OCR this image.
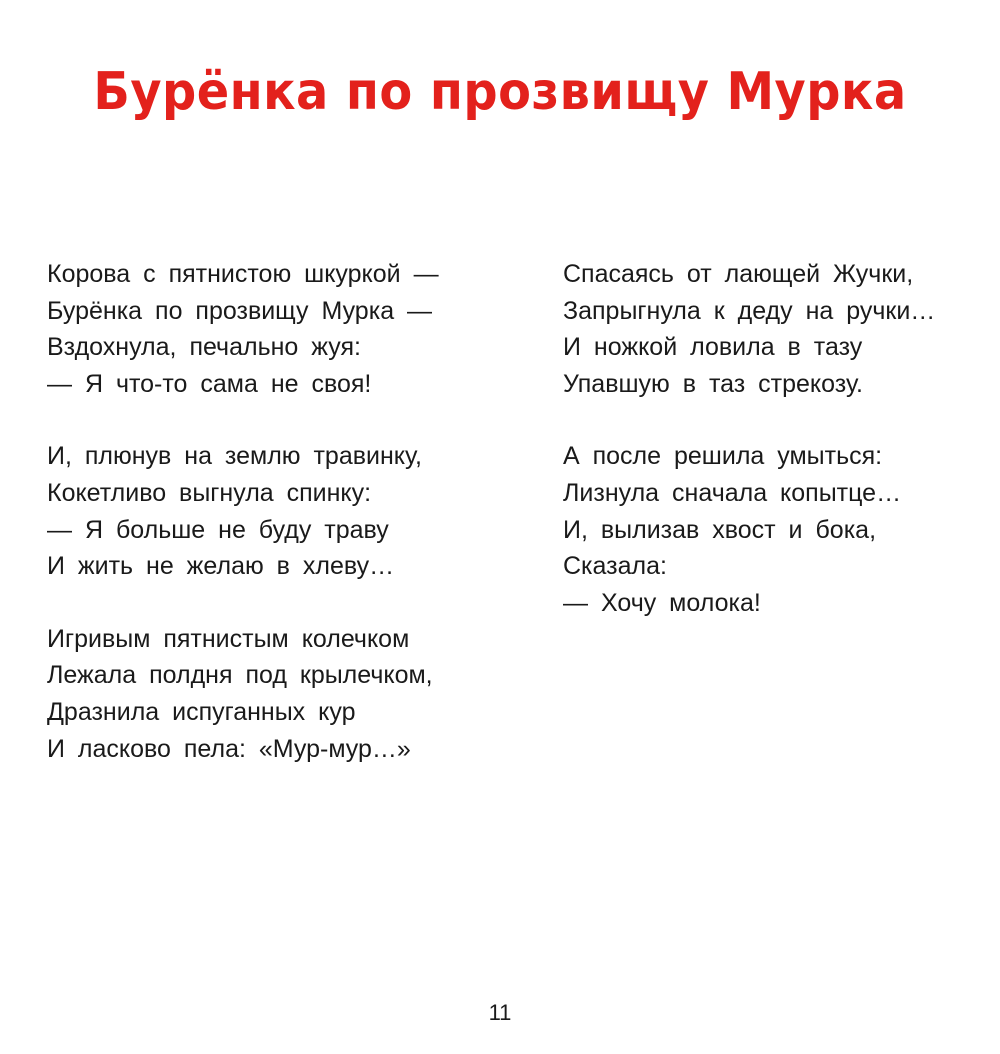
Бурёнка по прозвищу Мурка
Корова с пятнистою шкуркой —
Бурёнка по прозвищу Мурка —
Вздохнула, печально жуя:
— Я что-то сама не своя!
И, плюнув на землю травинку,
Кокетливо выгнула спинку:
— Я больше не буду траву
И жить не желаю в хлеву…
Игривым пятнистым колечком
Лежала полдня под крылечком,
Дразнила испуганных кур
И ласково пела: «Мур-мур…»
Спасаясь от лающей Жучки,
Запрыгнула к деду на ручки…
И ножкой ловила в тазу
Упавшую в таз стрекозу.
А после решила умыться:
Лизнула сначала копытце…
И, вылизав хвост и бока,
Сказала:
— Хочу молока!
11
